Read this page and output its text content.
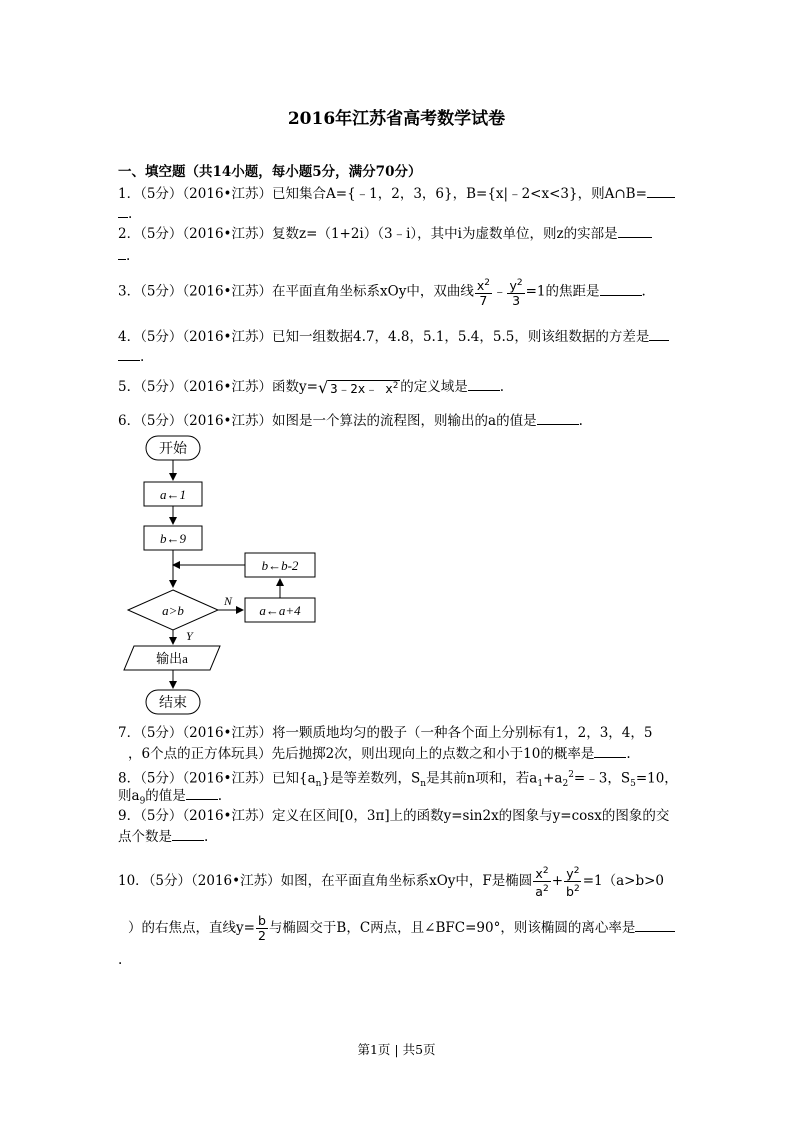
2016年江苏省高考数学试卷
一、填空题（共14小题，每小题5分，满分70分）
1．（5分）（2016•江苏）已知集合A={﹣1，2，3，6}，B={x|﹣2<x<3}，则A∩B=
.
2．（5分）（2016•江苏）复数z=（1+2i）（3﹣i），其中i为虚数单位，则z的实部是
.
3．（5分）（2016•江苏）在平面直角坐标系xOy中，双曲线 $\frac{x^2}{7}$ ﹣ $\frac{y^2}{3} =1$的焦距是	.
4．（5分）（2016•江苏）已知一组数据4.7，4.8，5.1，5.4，5.5，则该组数据的方差是
.
5．（5分）（2016•江苏）函数y=√ 3﹣2x﹣ $x^2$ 的定义域是 .
6．（5分）（2016•江苏）如图是一个算法的流程图，则输出的a的值是	.
开始
a←1
b←9
b←b-2
a>b
N
a←a+4
Y
输出a
结束
7．（5分）（2016•江苏）将一颗质地均匀的骰子（一种各个面上分别标有1，2，3，4，5
，6个点的正方体玩具）先后抛掷2次，则出现向上的点数之和小于10的概率是 .
8．（5分）（2016•江苏）已知$\{a_n\}$是等差数列，$S_n$是其前n项和，若$a_1+a_2^2=﹣3$，$S_5=10$，
则$a_9$的值是 .
9．（5分）（2016•江苏）定义在区间[0，3π]上的函数y=sin2x的图象与y=cosx的图象的交
点个数是 .
10．（5分）（2016•江苏）如图，在平面直角坐标系xOy中，F是椭圆 $\frac{x^2}{a^2} + \frac{y^2}{b^2} =1(a>b>0$
）的右焦点，直线$y= \frac{b}{2}$ 与椭圆交于B，C两点，且∠BFC=90°，则该椭圆的离心率是
.
第1页 | 共5页
